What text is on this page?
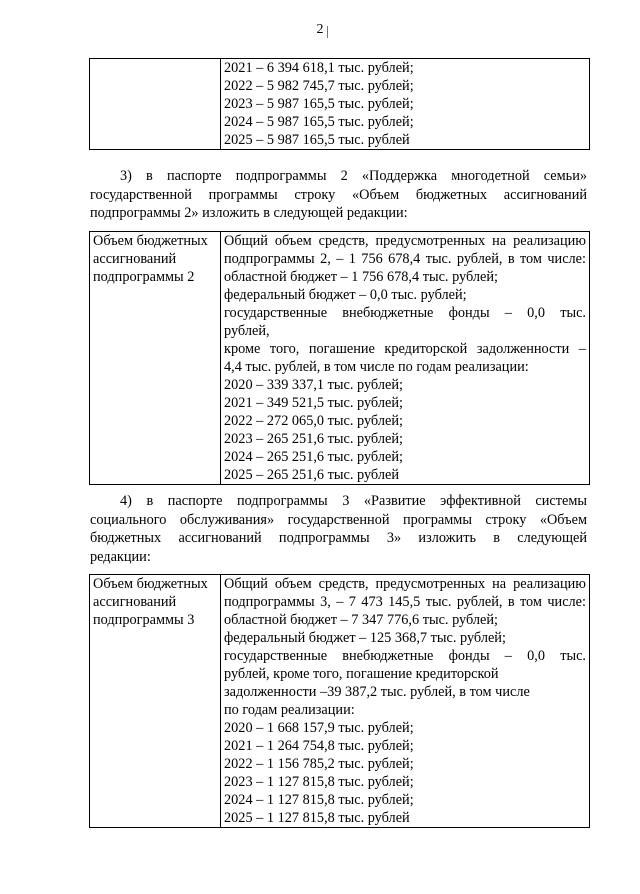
2

2021 – 6 394 618,1 тыс. рублей;
2022 – 5 982 745,7 тыс. рублей;
2023 – 5 987 165,5 тыс. рублей;
2024 – 5 987 165,5 тыс. рублей;
2025 – 5 987 165,5 тыс. рублей
3) в паспорте подпрограммы 2 «Поддержка многодетной семьи»
государственной программы строку «Объем бюджетных ассигнований
подпрограммы 2» изложить в следующей редакции:
Объем бюджетных
ассигнований
подпрограммы 2

Общий объем средств, предусмотренных на реализацию
подпрограммы 2, – 1 756 678,4 тыс. рублей, в том числе:
областной бюджет – 1 756 678,4 тыс. рублей;
федеральный бюджет – 0,0 тыс. рублей;
государственные внебюджетные фонды – 0,0 тыс.
рублей,
кроме того, погашение кредиторской задолженности –
4,4 тыс. рублей, в том числе по годам реализации:
2020 – 339 337,1 тыс. рублей;
2021 – 349 521,5 тыс. рублей;
2022 – 272 065,0 тыс. рублей;
2023 – 265 251,6 тыс. рублей;
2024 – 265 251,6 тыс. рублей;
2025 – 265 251,6 тыс. рублей
4) в паспорте подпрограммы 3 «Развитие эффективной системы
социального обслуживания» государственной программы строку «Объем
бюджетных ассигнований подпрограммы 3» изложить в следующей
редакции:
Объем бюджетных
ассигнований
подпрограммы 3

Общий объем средств, предусмотренных на реализацию
подпрограммы 3, – 7 473 145,5 тыс. рублей, в том числе:
областной бюджет – 7 347 776,6 тыс. рублей;
федеральный бюджет – 125 368,7 тыс. рублей;
государственные внебюджетные фонды – 0,0 тыс.
рублей, кроме того, погашение кредиторской
задолженности –39 387,2 тыс. рублей, в том числе
по годам реализации:
2020 – 1 668 157,9 тыс. рублей;
2021 – 1 264 754,8 тыс. рублей;
2022 – 1 156 785,2 тыс. рублей;
2023 – 1 127 815,8 тыс. рублей;
2024 – 1 127 815,8 тыс. рублей;
2025 – 1 127 815,8 тыс. рублей
